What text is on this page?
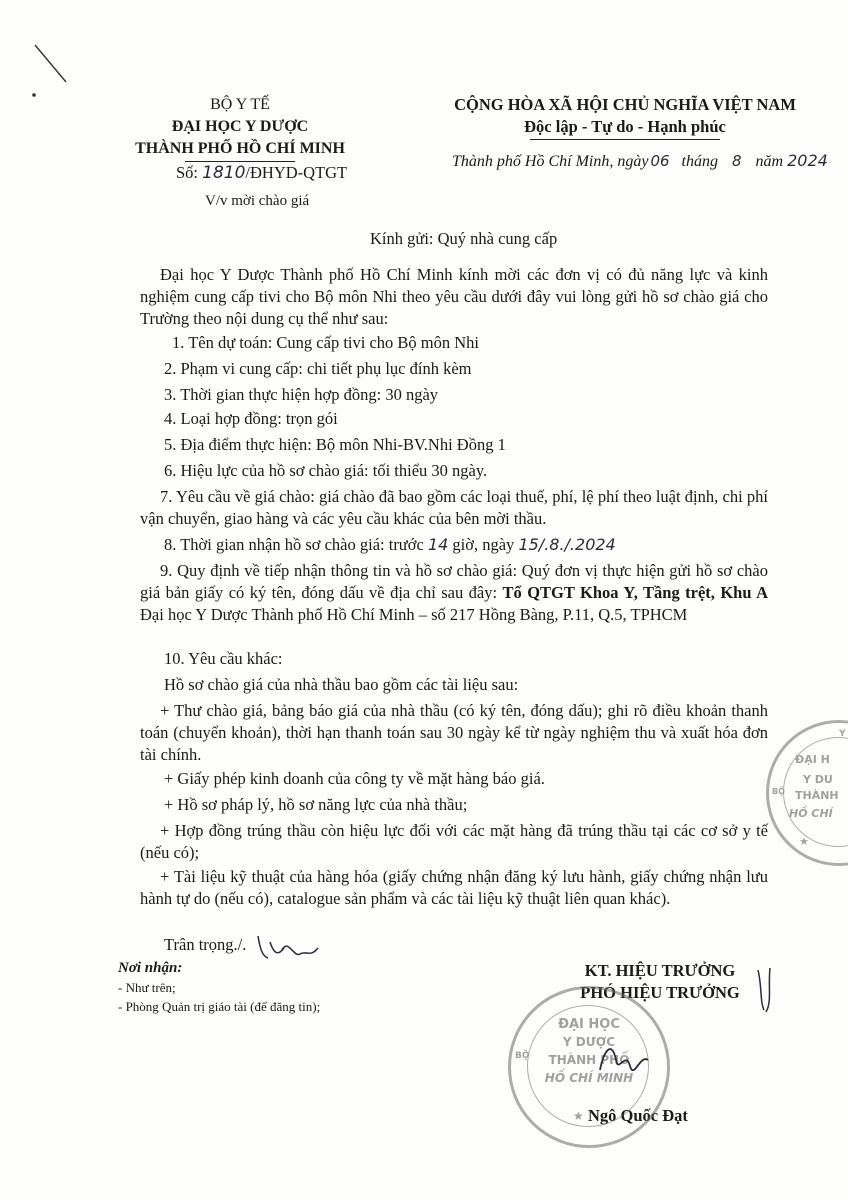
BỘ Y TẾ
ĐẠI HỌC Y DƯỢC
THÀNH PHỐ HỒ CHÍ MINH
Số: 1810/ĐHYD-QTGT
V/v mời chào giá
CỘNG HÒA XÃ HỘI CHỦ NGHĨA VIỆT NAM
Độc lập - Tự do - Hạnh phúc
Thành phố Hồ Chí Minh, ngày 06 tháng 8 năm 2024
Kính gửi: Quý nhà cung cấp
Đại học Y Dược Thành phố Hồ Chí Minh kính mời các đơn vị có đủ năng lực và kinh nghiệm cung cấp tivi cho Bộ môn Nhi theo yêu cầu dưới đây vui lòng gửi hồ sơ chào giá cho Trường theo nội dung cụ thể như sau:
1. Tên dự toán: Cung cấp tivi cho Bộ môn Nhi
2. Phạm vi cung cấp: chi tiết phụ lục đính kèm
3. Thời gian thực hiện hợp đồng: 30 ngày
4. Loại hợp đồng: trọn gói
5. Địa điểm thực hiện: Bộ môn Nhi-BV.Nhi Đồng 1
6. Hiệu lực của hồ sơ chào giá: tối thiểu 30 ngày.
7. Yêu cầu về giá chào: giá chào đã bao gồm các loại thuế, phí, lệ phí theo luật định, chi phí vận chuyển, giao hàng và các yêu cầu khác của bên mời thầu.
8. Thời gian nhận hồ sơ chào giá: trước 14 giờ, ngày 15/.8./.2024
9. Quy định về tiếp nhận thông tin và hồ sơ chào giá: Quý đơn vị thực hiện gửi hồ sơ chào giá bản giấy có ký tên, đóng dấu về địa chỉ sau đây: Tổ QTGT Khoa Y, Tầng trệt, Khu A Đại học Y Dược Thành phố Hồ Chí Minh – số 217 Hồng Bàng, P.11, Q.5, TPHCM
10. Yêu cầu khác:
Hồ sơ chào giá của nhà thầu bao gồm các tài liệu sau:
+ Thư chào giá, bảng báo giá của nhà thầu (có ký tên, đóng dấu); ghi rõ điều khoản thanh toán (chuyển khoản), thời hạn thanh toán sau 30 ngày kể từ ngày nghiệm thu và xuất hóa đơn tài chính.
+ Giấy phép kinh doanh của công ty về mặt hàng báo giá.
+ Hồ sơ pháp lý, hồ sơ năng lực của nhà thầu;
+ Hợp đồng trúng thầu còn hiệu lực đối với các mặt hàng đã trúng thầu tại các cơ sở y tế (nếu có);
+ Tài liệu kỹ thuật của hàng hóa (giấy chứng nhận đăng ký lưu hành, giấy chứng nhận lưu hành tự do (nếu có), catalogue sản phẩm và các tài liệu kỹ thuật liên quan khác).
Trân trọng./.
Nơi nhận:
- Như trên;
- Phòng Quản trị giáo tài (để đăng tin);
KT. HIỆU TRƯỞNG
PHÓ HIỆU TRƯỞNG
Ngô Quốc Đạt
ĐẠI HỌC
Y DƯỢC
THÀNH PHỐ
HỒ CHÍ MINH
BỘ
★
Y
ĐẠI H
Y DU
THÀNH
HỒ CHÍ
BỘ
★
